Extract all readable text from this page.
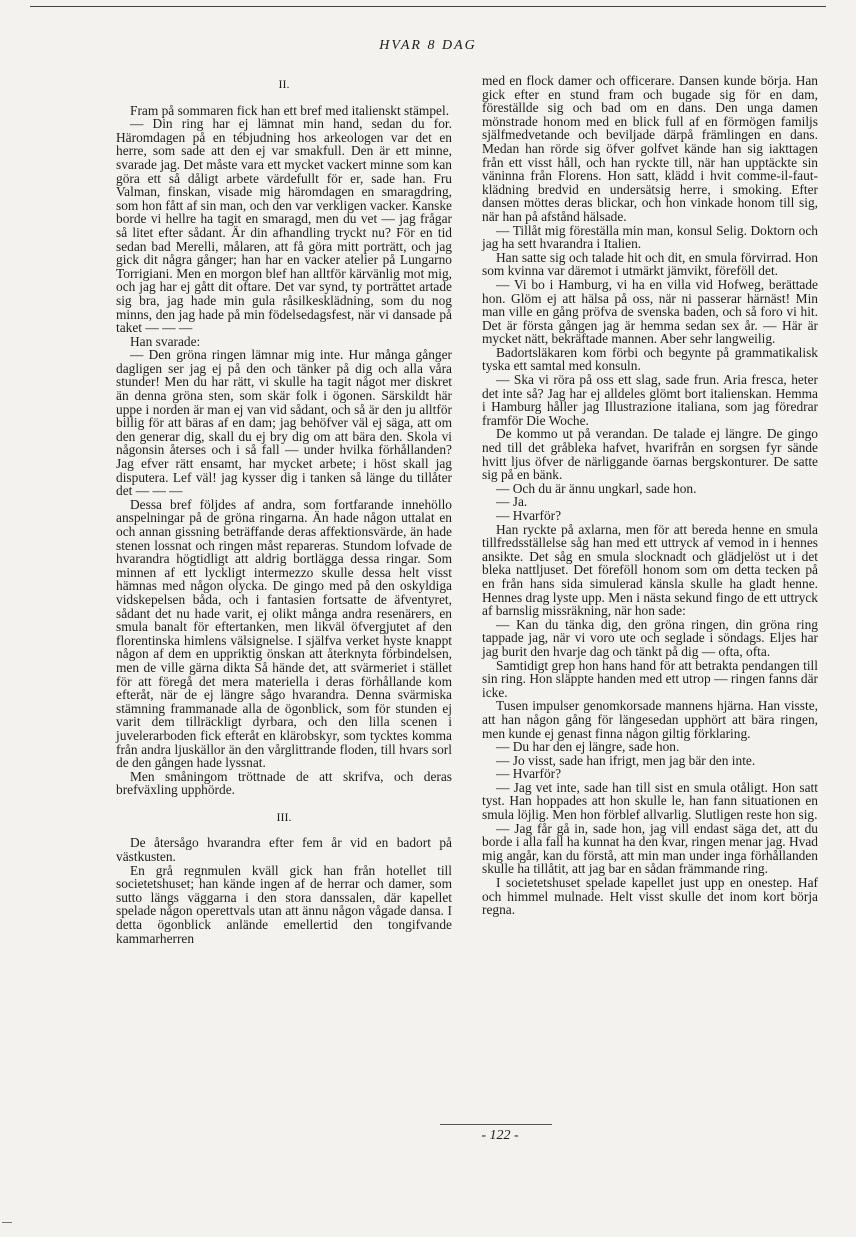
HVAR 8 DAG

II.

Fram på sommaren fick han ett bref med italienskt stämpel.

— Din ring har ej lämnat min hand, sedan du for. Häromdagen på en tébjudning hos arkeologen var det en herre, som sade att den ej var smakfull. Den är ett minne, svarade jag. Det måste vara ett mycket vackert minne som kan göra ett så dåligt arbete värdefullt för er, sade han. Fru Valman, finskan, visade mig häromdagen en smaragdring, som hon fått af sin man, och den var verkligen vacker. Kanske borde vi hellre ha tagit en smaragd, men du vet — jag frågar så litet efter sådant. Är din afhandling tryckt nu? För en tid sedan bad Merelli, målaren, att få göra mitt porträtt, och jag gick dit några gånger; han har en vacker atelier på Lungarno Torrigiani. Men en morgon blef han alltför kärvänlig mot mig, och jag har ej gått dit oftare. Det var synd, ty porträttet artade sig bra, jag hade min gula råsilkesklädning, som du nog minns, den jag hade på min födelsedagsfest, när vi dansade på taket — — —

Han svarade:

— Den gröna ringen lämnar mig inte. Hur många gånger dagligen ser jag ej på den och tänker på dig och alla våra stunder! Men du har rätt, vi skulle ha tagit något mer diskret än denna gröna sten, som skär folk i ögonen. Särskildt här uppe i norden är man ej van vid sådant, och så är den ju alltför billig för att bäras af en dam; jag behöfver väl ej säga, att om den generar dig, skall du ej bry dig om att bära den. Skola vi någonsin återses och i så fall — under hvilka förhållanden? Jag efver rätt ensamt, har mycket arbete; i höst skall jag disputera. Lef väl! jag kysser dig i tanken så länge du tillåter det — — —

Dessa bref följdes af andra, som fortfarande innehöllo anspelningar på de gröna ringarna. Än hade någon uttalat en och annan gissning beträffande deras affektionsvärde, än hade stenen lossnat och ringen måst repareras. Stundom lofvade de hvarandra högtidligt att aldrig bortlägga dessa ringar. Som minnen af ett lyckligt intermezzo skulle dessa helt visst hämnas med någon olycka. De gingo med på den oskyldiga vidskepelsen båda, och i fantasien fortsatte de äfventyret, sådant det nu hade varit, ej olikt många andra resenärers, en smula banalt för eftertanken, men likväl öfvergjutet af den florentinska himlens välsignelse. I själfva verket hyste knappt någon af dem en uppriktig önskan att återknyta förbindelsen, men de ville gärna dikta Så hände det, att svärmeriet i stället för att föregå det mera materiella i deras förhållande kom efteråt, när de ej längre sågo hvarandra. Denna svärmiska stämning frammanade alla de ögonblick, som för stunden ej varit dem tillräckligt dyrbara, och den lilla scenen i juvelerarboden fick efteråt en klärobskyr, som tycktes komma från andra ljuskällor än den vårglittrande floden, till hvars sorl de den gången hade lyssnat.

Men småningom tröttnade de att skrifva, och deras brefväxling upphörde.

III.

De återsågo hvarandra efter fem år vid en badort på västkusten.

En grå regnmulen kväll gick han från hotellet till societetshuset; han kände ingen af de herrar och damer, som sutto längs väggarna i den stora danssalen, där kapellet spelade någon operettvals utan att ännu någon vågade dansa. I detta ögonblick anlände emellertid den tongifvande kammarherren

med en flock damer och officerare. Dansen kunde börja. Han gick efter en stund fram och bugade sig för en dam, föreställde sig och bad om en dans. Den unga damen mönstrade honom med en blick full af en förmögen familjs själfmedvetande och beviljade därpå främlingen en dans. Medan han rörde sig öfver golfvet kände han sig iakttagen från ett visst håll, och han ryckte till, när han upptäckte sin väninna från Florens. Hon satt, klädd i hvit comme-il-faut-klädning bredvid en undersätsig herre, i smoking. Efter dansen möttes deras blickar, och hon vinkade honom till sig, när han på afstånd hälsade.

— Tillåt mig föreställa min man, konsul Selig. Doktorn och jag ha sett hvarandra i Italien.

Han satte sig och talade hit och dit, en smula förvirrad. Hon som kvinna var däremot i utmärkt jämvikt, föreföll det.

— Vi bo i Hamburg, vi ha en villa vid Hofweg, berättade hon. Glöm ej att hälsa på oss, när ni passerar härnäst! Min man ville en gång pröfva de svenska baden, och så foro vi hit. Det är första gången jag är hemma sedan sex år. — Här är mycket nätt, bekräftade mannen. Aber sehr langweilig.

Badortsläkaren kom förbi och begynte på grammatikalisk tyska ett samtal med konsuln.

— Ska vi röra på oss ett slag, sade frun. Aria fresca, heter det inte så? Jag har ej alldeles glömt bort italienskan. Hemma i Hamburg håller jag Illustrazione italiana, som jag föredrar framför Die Woche.

De kommo ut på verandan. De talade ej längre. De gingo ned till det gråbleka hafvet, hvarifrån en sorgsen fyr sände hvitt ljus öfver de närliggande öarnas bergskonturer. De satte sig på en bänk.

— Och du är ännu ungkarl, sade hon.

— Ja.

— Hvarför?

Han ryckte på axlarna, men för att bereda henne en smula tillfredsställelse såg han med ett uttryck af vemod in i hennes ansikte. Det såg en smula slocknadt och glädjelöst ut i det bleka nattljuset. Det föreföll honom som om detta tecken på en från hans sida simulerad känsla skulle ha gladt henne. Hennes drag lyste upp. Men i nästa sekund fingo de ett uttryck af barnslig missräkning, när hon sade:

— Kan du tänka dig, den gröna ringen, din gröna ring tappade jag, när vi voro ute och seglade i söndags. Eljes har jag burit den hvarje dag och tänkt på dig — ofta, ofta.

Samtidigt grep hon hans hand för att betrakta pendangen till sin ring. Hon släppte handen med ett utrop — ringen fanns där icke.

Tusen impulser genomkorsade mannens hjärna. Han visste, att han någon gång för längesedan upphört att bära ringen, men kunde ej genast finna någon giltig förklaring.

— Du har den ej längre, sade hon.

— Jo visst, sade han ifrigt, men jag bär den inte.

— Hvarför?

— Jag vet inte, sade han till sist en smula otåligt. Hon satt tyst. Han hoppades att hon skulle le, han fann situationen en smula löjlig. Men hon förblef allvarlig. Slutligen reste hon sig.

— Jag får gå in, sade hon, jag vill endast säga det, att du borde i alla fall ha kunnat ha den kvar, ringen menar jag. Hvad mig angår, kan du förstå, att min man under inga förhållanden skulle ha tillåtit, att jag bar en sådan främmande ring.

I societetshuset spelade kapellet just upp en onestep. Haf och himmel mulnade. Helt visst skulle det inom kort börja regna.

- 122 -
